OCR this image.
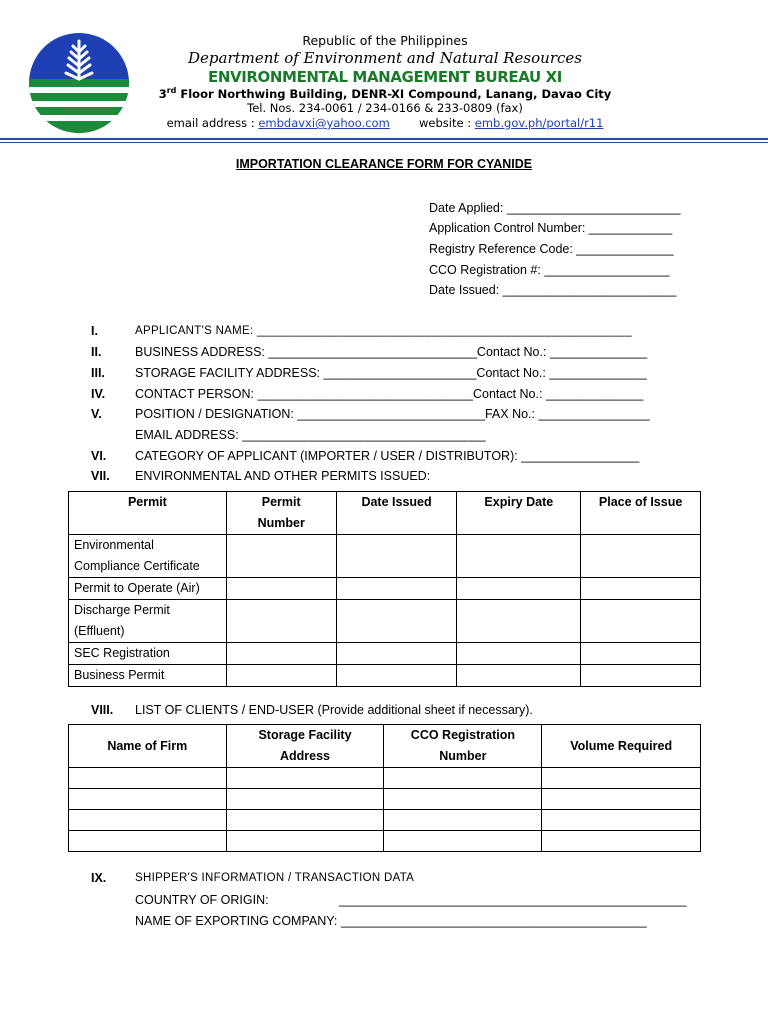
Republic of the Philippines
Department of Environment and Natural Resources
ENVIRONMENTAL MANAGEMENT BUREAU XI
3rd Floor Northwing Building, DENR-XI Compound, Lanang, Davao City
Tel. Nos. 234-0061 / 234-0166 & 233-0809 (fax)
email address : embdavxi@yahoo.com	website : emb.gov.ph/portal/r11
IMPORTATION CLEARANCE FORM FOR CYANIDE
Date Applied: _________________________
Application Control Number: ____________
Registry Reference Code: ______________
CCO Registration #: __________________
Date Issued: _________________________
I.	APPLICANT'S NAME: ________________________________________________________
II.	BUSINESS ADDRESS: ______________________________Contact No.: ______________
III. STORAGE FACILITY ADDRESS: ______________________Contact No.: ______________
IV. CONTACT PERSON: _______________________________Contact No.: ______________
V.	POSITION / DESIGNATION: ___________________________FAX No.: ________________
EMAIL ADDRESS: ___________________________________
VI. CATEGORY OF APPLICANT (IMPORTER / USER / DISTRIBUTOR): _________________
VII. ENVIRONMENTAL AND OTHER PERMITS ISSUED:
Permit	Permit Number	Date Issued	Expiry Date	Place of Issue
Environmental Compliance Certificate				
Permit to Operate (Air)				
Discharge Permit (Effluent)				
SEC Registration				
Business Permit				
VIII. LIST OF CLIENTS / END-USER (Provide additional sheet if necessary).
Name of Firm	Storage Facility Address	CCO Registration Number	Volume Required

IX. SHIPPER'S INFORMATION / TRANSACTION DATA
COUNTRY OF ORIGIN:	__________________________________________________
NAME OF EXPORTING COMPANY: ____________________________________________
